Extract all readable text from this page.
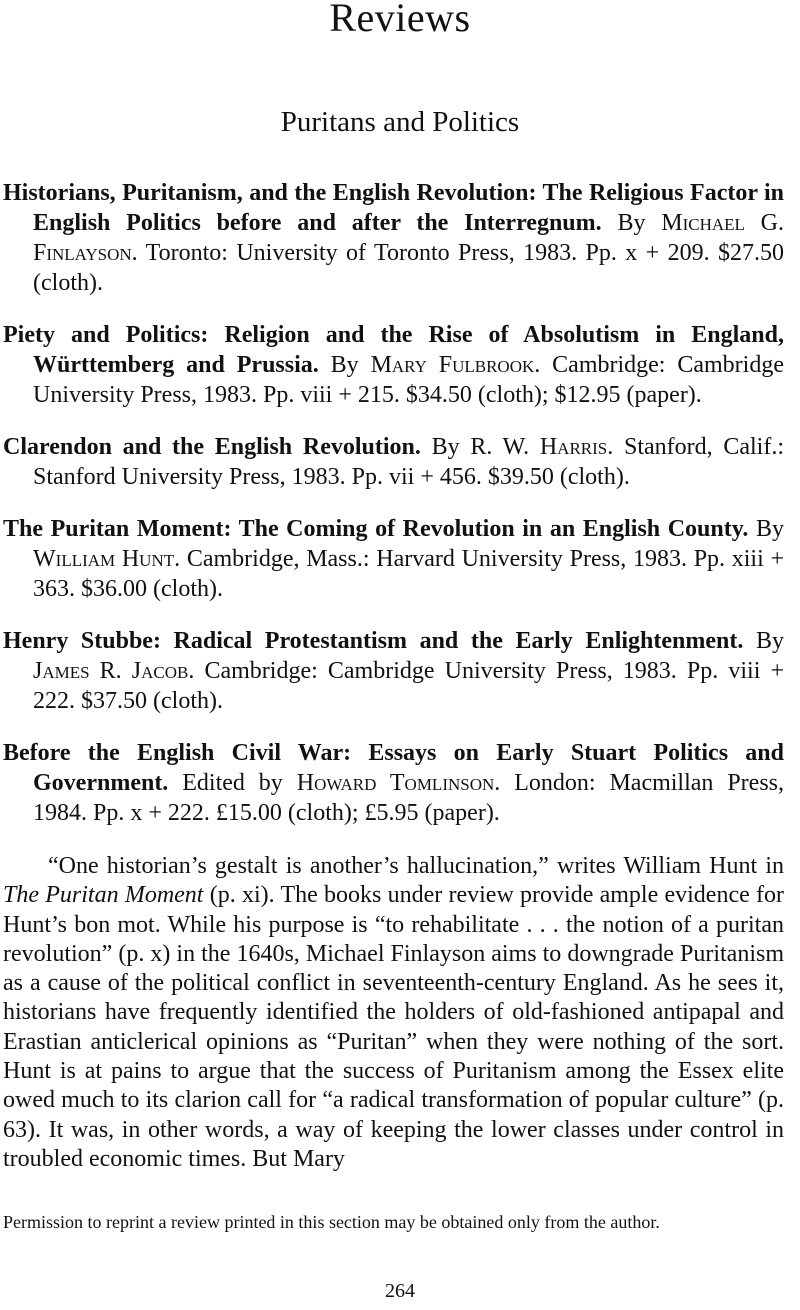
Reviews
Puritans and Politics

Historians, Puritanism, and the English Revolution: The Religious Factor in English Politics before and after the Interregnum. By Michael G. Finlayson. Toronto: University of Toronto Press, 1983. Pp. x + 209. $27.50 (cloth).

Piety and Politics: Religion and the Rise of Absolutism in England, Württemberg and Prussia. By Mary Fulbrook. Cambridge: Cambridge University Press, 1983. Pp. viii + 215. $34.50 (cloth); $12.95 (paper).

Clarendon and the English Revolution. By R. W. Harris. Stanford, Calif.: Stanford University Press, 1983. Pp. vii + 456. $39.50 (cloth).

The Puritan Moment: The Coming of Revolution in an English County. By William Hunt. Cambridge, Mass.: Harvard University Press, 1983. Pp. xiii + 363. $36.00 (cloth).

Henry Stubbe: Radical Protestantism and the Early Enlightenment. By James R. Jacob. Cambridge: Cambridge University Press, 1983. Pp. viii + 222. $37.50 (cloth).

Before the English Civil War: Essays on Early Stuart Politics and Government. Edited by Howard Tomlinson. London: Macmillan Press, 1984. Pp. x + 222. £15.00 (cloth); £5.95 (paper).

“One historian’s gestalt is another’s hallucination,” writes William Hunt in The Puritan Moment (p. xi). The books under review provide ample evidence for Hunt’s bon mot. While his purpose is “to rehabilitate . . . the notion of a puritan revolution” (p. x) in the 1640s, Michael Finlayson aims to downgrade Puritanism as a cause of the political conflict in seventeenth-century England. As he sees it, historians have frequently identified the holders of old-fashioned antipapal and Erastian anticlerical opinions as “Puritan” when they were nothing of the sort. Hunt is at pains to argue that the success of Puritanism among the Essex elite owed much to its clarion call for “a radical transformation of popular culture” (p. 63). It was, in other words, a way of keeping the lower classes under control in troubled economic times. But Mary

Permission to reprint a review printed in this section may be obtained only from the author.

264
